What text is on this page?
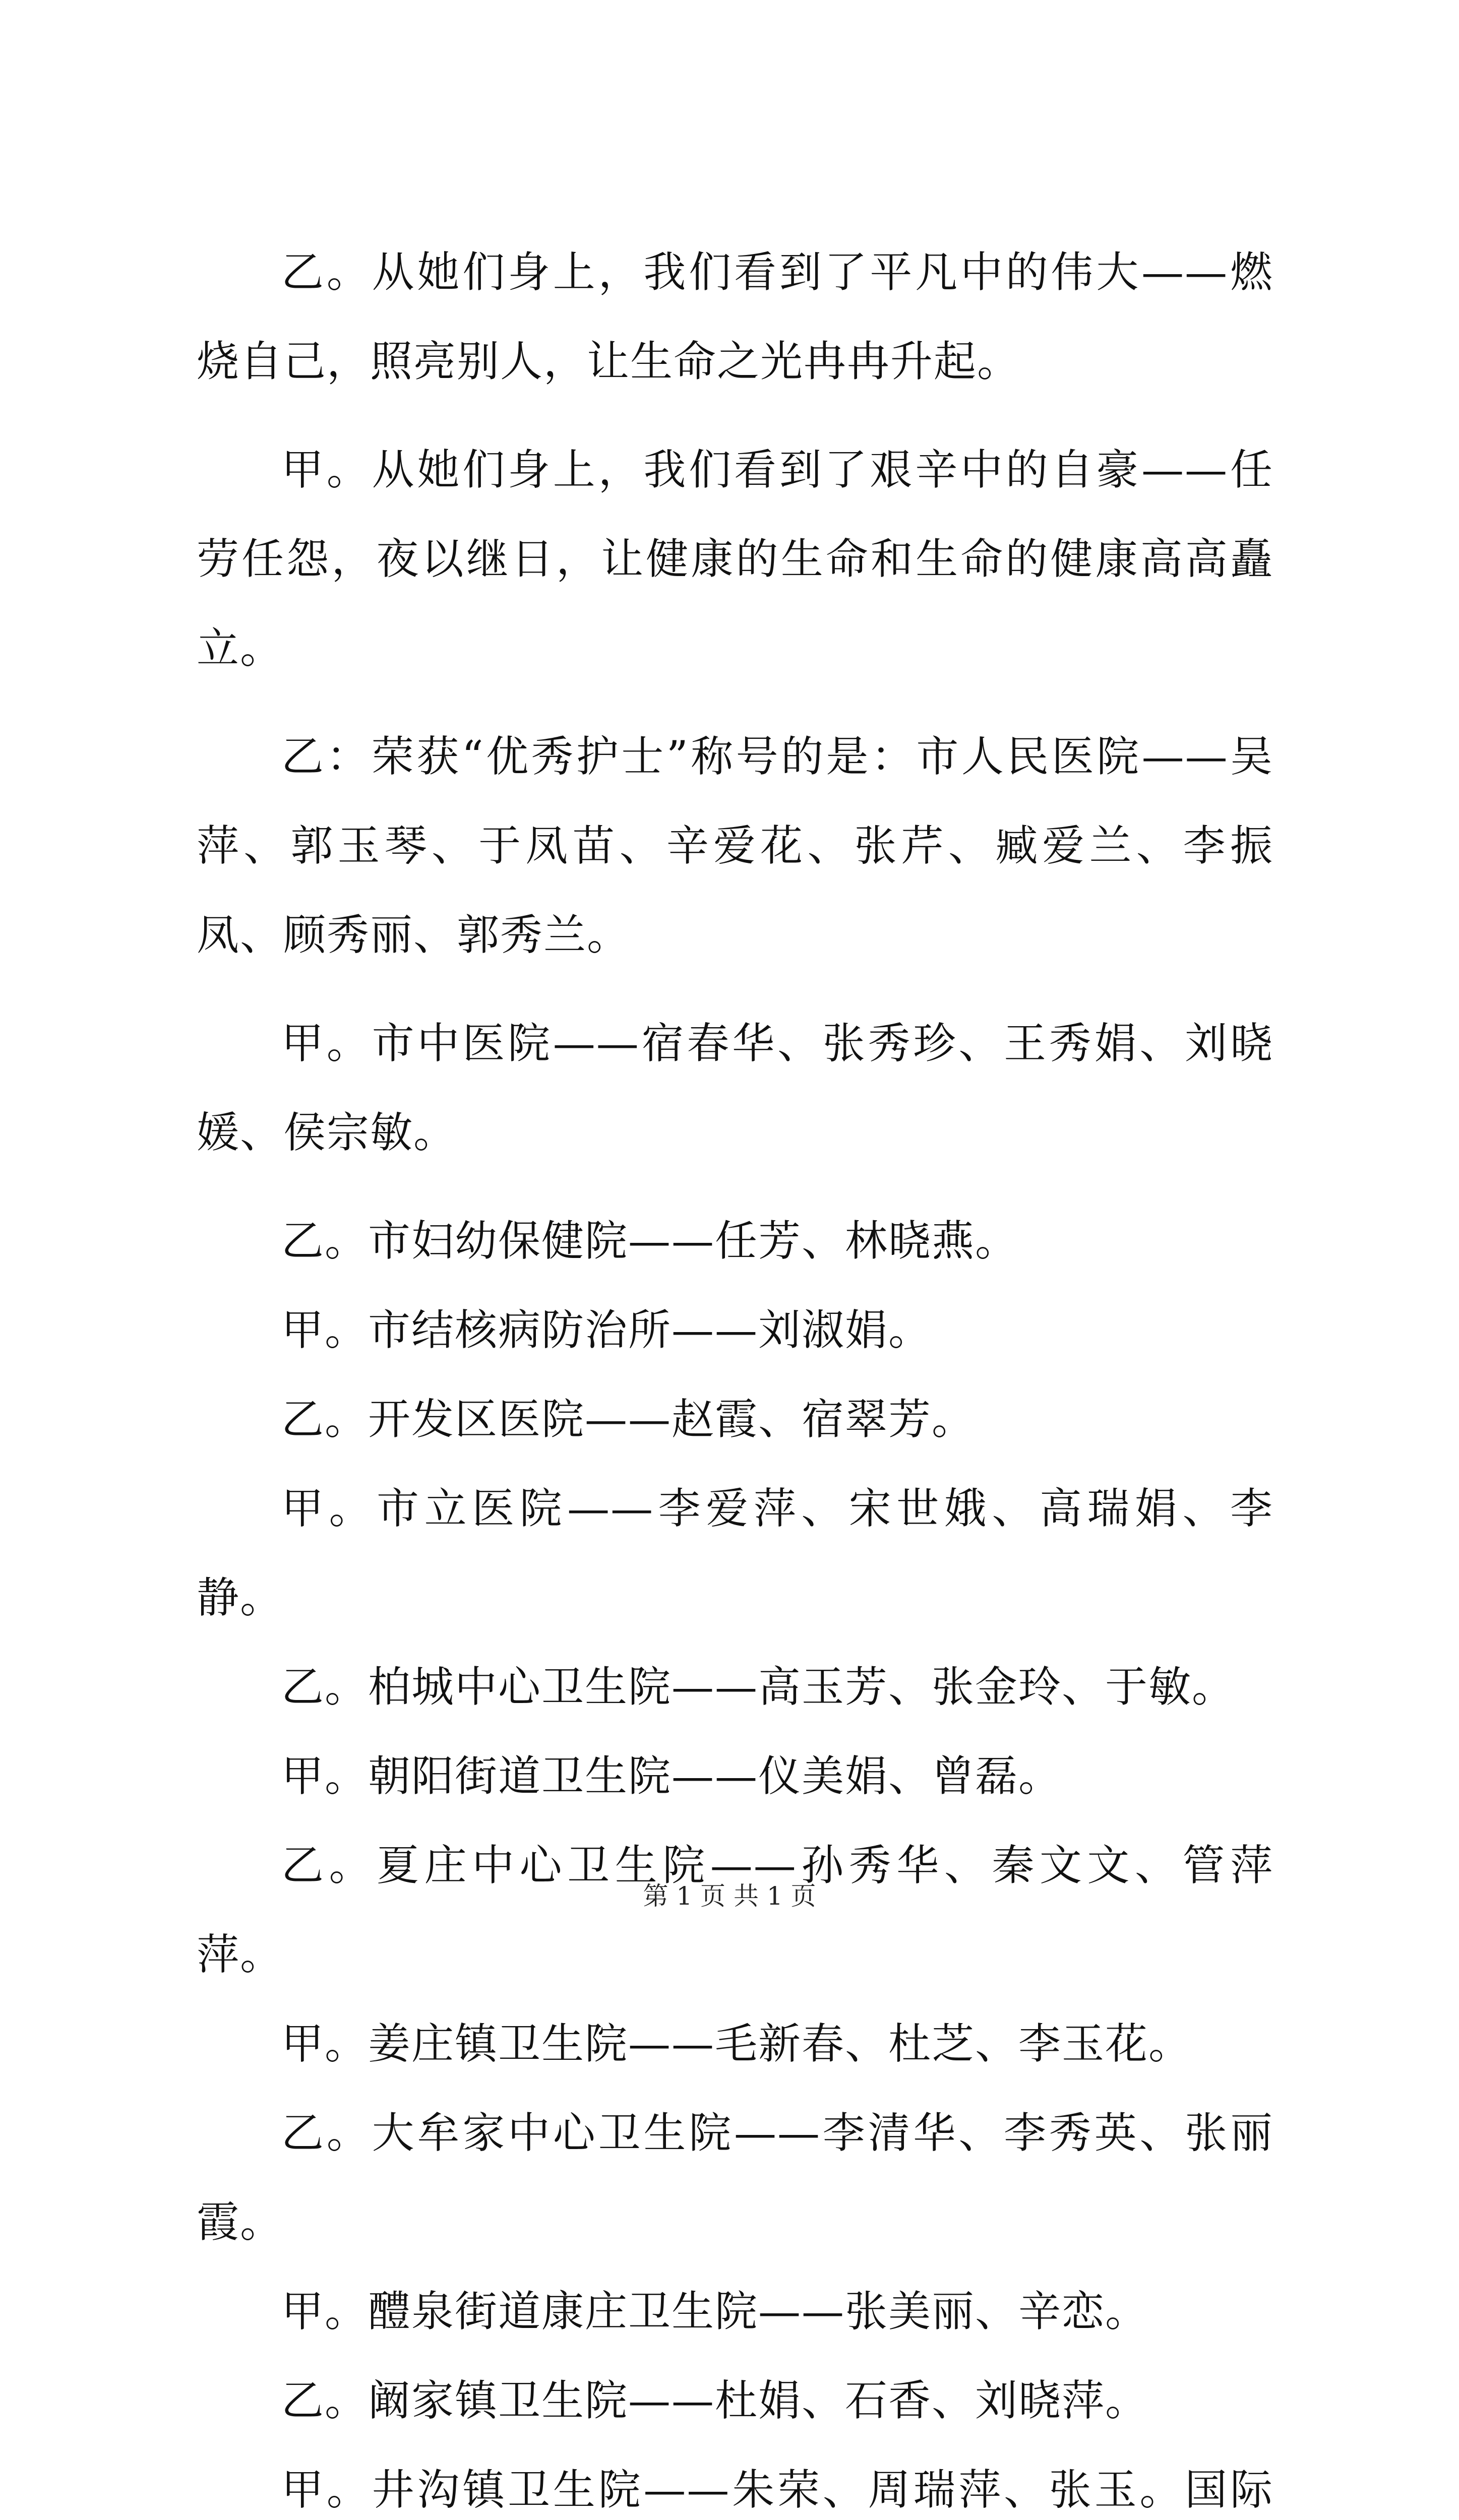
乙。从她们身上，我们看到了平凡中的伟大——燃烧自己，照亮别人，让生命之光冉冉升起。

甲。从她们身上，我们看到了艰辛中的自豪——任劳任怨，夜以继日，让健康的生命和生命的健康高高矗立。

乙：荣获“优秀护士”称号的是：市人民医院——吴萍、郭玉琴、于凤苗、辛爱花、张芹、臧爱兰、李振凤、顾秀丽、郭秀兰。

甲。市中医院——宿春华、张秀珍、王秀娟、刘晓媛、侯宗敏。

乙。市妇幼保健院——任芳、林晓燕。

甲。市结核病防治所——刘淑娟。

乙。开发区医院——赵霞、宿翠芳。

甲。市立医院——李爱萍、宋世娥、高瑞娟、李静。

乙。柏城中心卫生院——高玉芳、张金玲、于敏。

甲。朝阳街道卫生院——仪美娟、曾磊。

乙。夏庄中心卫生院——孙秀华、秦文文、管萍萍。

甲。姜庄镇卫生院——毛新春、杜芝、李玉花。

乙。大牟家中心卫生院——李清华、李秀英、张丽霞。

甲。醴泉街道康庄卫生院——张美丽、辛恋。

乙。阚家镇卫生院——杜娟、石香、刘晓萍。

甲。井沟镇卫生院——朱荣、周瑞萍、张玉。国际

第 1 页 共 1 页
